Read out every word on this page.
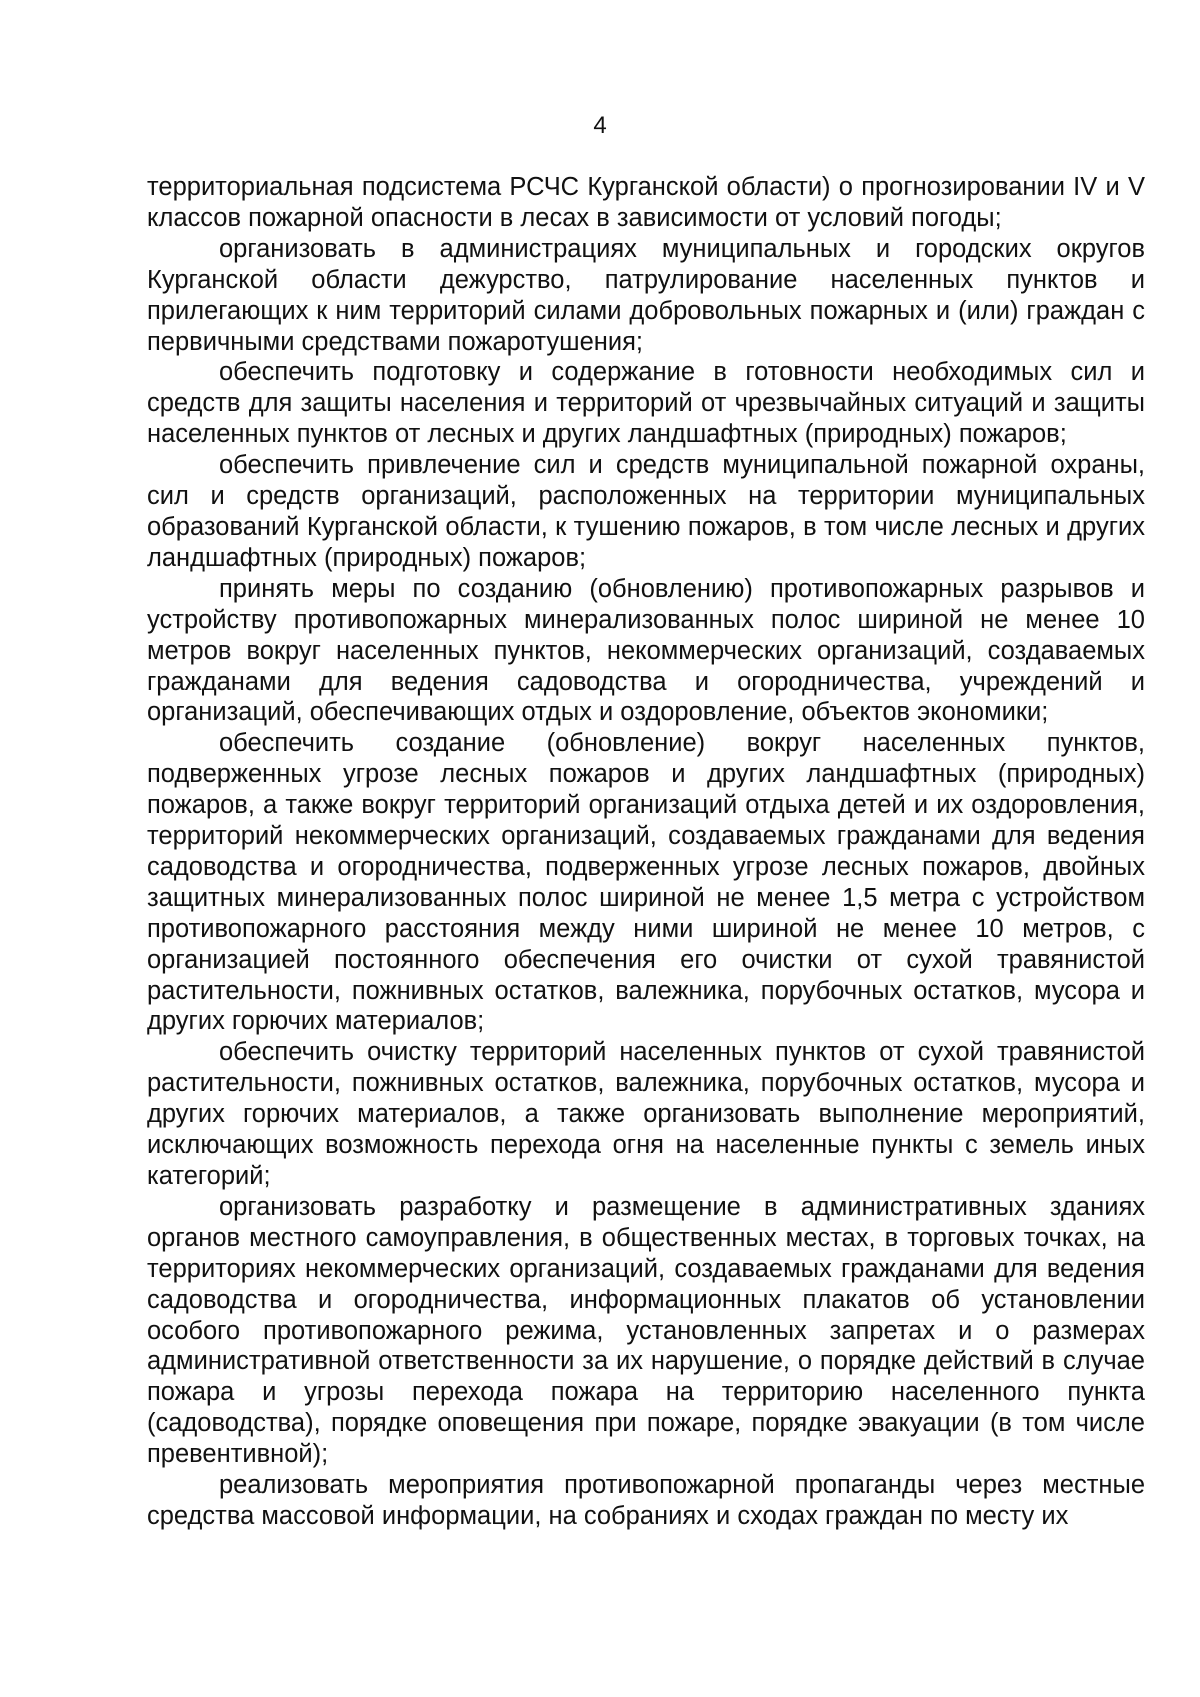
4

территориальная подсистема РСЧС Курганской области) о прогнозировании IV и V классов пожарной опасности в лесах в зависимости от условий погоды;

организовать в администрациях муниципальных и городских округов Курганской области дежурство, патрулирование населенных пунктов и прилегающих к ним территорий силами добровольных пожарных и (или) граждан с первичными средствами пожаротушения;

обеспечить подготовку и содержание в готовности необходимых сил и средств для защиты населения и территорий от чрезвычайных ситуаций и защиты населенных пунктов от лесных и других ландшафтных (природных) пожаров;

обеспечить привлечение сил и средств муниципальной пожарной охраны, сил и средств организаций, расположенных на территории муниципальных образований Курганской области, к тушению пожаров, в том числе лесных и других ландшафтных (природных) пожаров;

принять меры по созданию (обновлению) противопожарных разрывов и устройству противопожарных минерализованных полос шириной не менее 10 метров вокруг населенных пунктов, некоммерческих организаций, создаваемых гражданами для ведения садоводства и огородничества, учреждений и организаций, обеспечивающих отдых и оздоровление, объектов экономики;

обеспечить создание (обновление) вокруг населенных пунктов, подверженных угрозе лесных пожаров и других ландшафтных (природных) пожаров, а также вокруг территорий организаций отдыха детей и их оздоровления, территорий некоммерческих организаций, создаваемых гражданами для ведения садоводства и огородничества, подверженных угрозе лесных пожаров, двойных защитных минерализованных полос шириной не менее 1,5 метра с устройством противопожарного расстояния между ними шириной не менее 10 метров, с организацией постоянного обеспечения его очистки от сухой травянистой растительности, пожнивных остатков, валежника, порубочных остатков, мусора и других горючих материалов;

обеспечить очистку территорий населенных пунктов от сухой травянистой растительности, пожнивных остатков, валежника, порубочных остатков, мусора и других горючих материалов, а также организовать выполнение мероприятий, исключающих возможность перехода огня на населенные пункты с земель иных категорий;

организовать разработку и размещение в административных зданиях органов местного самоуправления, в общественных местах, в торговых точках, на территориях некоммерческих организаций, создаваемых гражданами для ведения садоводства и огородничества, информационных плакатов об установлении особого противопожарного режима, установленных запретах и о размерах административной ответственности за их нарушение, о порядке действий в случае пожара и угрозы перехода пожара на территорию населенного пункта (садоводства), порядке оповещения при пожаре, порядке эвакуации (в том числе превентивной);

реализовать мероприятия противопожарной пропаганды через местные средства массовой информации, на собраниях и сходах граждан по месту их
